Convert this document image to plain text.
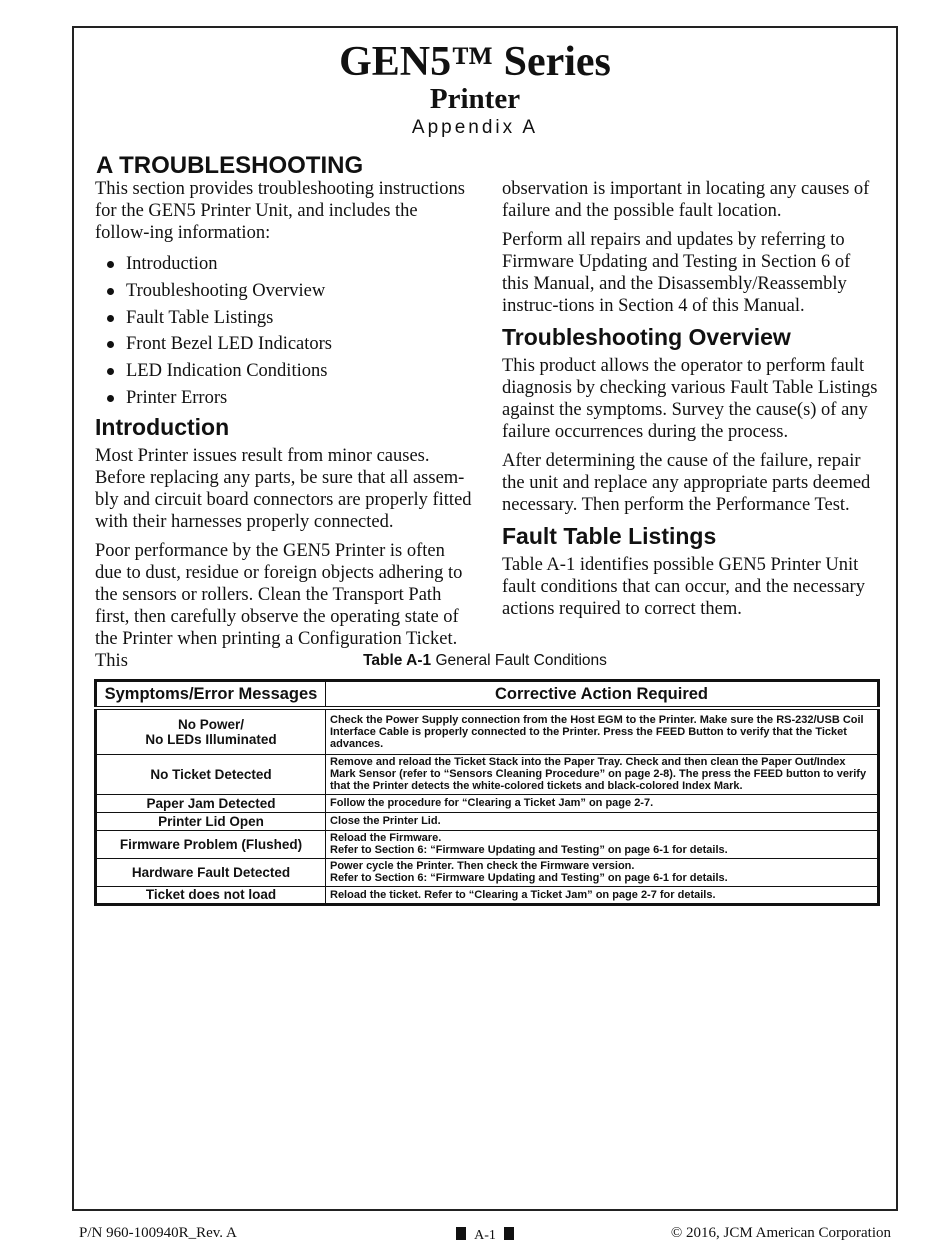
GEN5™ Series
Printer
Appendix A
A TROUBLESHOOTING

This section provides troubleshooting instructions for the GEN5 Printer Unit, and includes the follow-ing information:

Introduction
Troubleshooting Overview
Fault Table Listings
Front Bezel LED Indicators
LED Indication Conditions
Printer Errors
Introduction

Most Printer issues result from minor causes. Before replacing any parts, be sure that all assem-bly and circuit board connectors are properly fitted with their harnesses properly connected.

Poor performance by the GEN5 Printer is often due to dust, residue or foreign objects adhering to the sensors or rollers. Clean the Transport Path first, then carefully observe the operating state of the Printer when printing a Configuration Ticket. This

observation is important in locating any causes of failure and the possible fault location.

Perform all repairs and updates by referring to Firmware Updating and Testing in Section 6 of this Manual, and the Disassembly/Reassembly instruc-tions in Section 4 of this Manual.

Troubleshooting Overview

This product allows the operator to perform fault diagnosis by checking various Fault Table Listings against the symptoms. Survey the cause(s) of any failure occurrences during the process.

After determining the cause of the failure, repair the unit and replace any appropriate parts deemed necessary. Then perform the Performance Test.

Fault Table Listings

Table A-1 identifies possible GEN5 Printer Unit fault conditions that can occur, and the necessary actions required to correct them.

Table A-1 General Fault Conditions
Symptoms/Error Messages	Corrective Action Required
No Power/
No LEDs Illuminated	Check the Power Supply connection from the Host EGM to the Printer. Make sure the RS-232/USB Coil Interface Cable is properly connected to the Printer. Press the FEED Button to verify that the Ticket advances.
No Ticket Detected	Remove and reload the Ticket Stack into the Paper Tray. Check and then clean the Paper Out/Index Mark Sensor (refer to “Sensors Cleaning Procedure” on page 2-8). The press the FEED button to verify that the Printer detects the white-colored tickets and black-colored Index Mark.
Paper Jam Detected	Follow the procedure for “Clearing a Ticket Jam” on page 2-7.
Printer Lid Open	Close the Printer Lid.
Firmware Problem (Flushed)	Reload the Firmware.
Refer to Section 6: “Firmware Updating and Testing” on page 6-1 for details.
Hardware Fault Detected	Power cycle the Printer. Then check the Firmware version.
Refer to Section 6: “Firmware Updating and Testing” on page 6-1 for details.
Ticket does not load	Reload the ticket. Refer to “Clearing a Ticket Jam” on page 2-7 for details.
P/N 960-100940R_Rev. A	A-1	© 2016, JCM American Corporation
